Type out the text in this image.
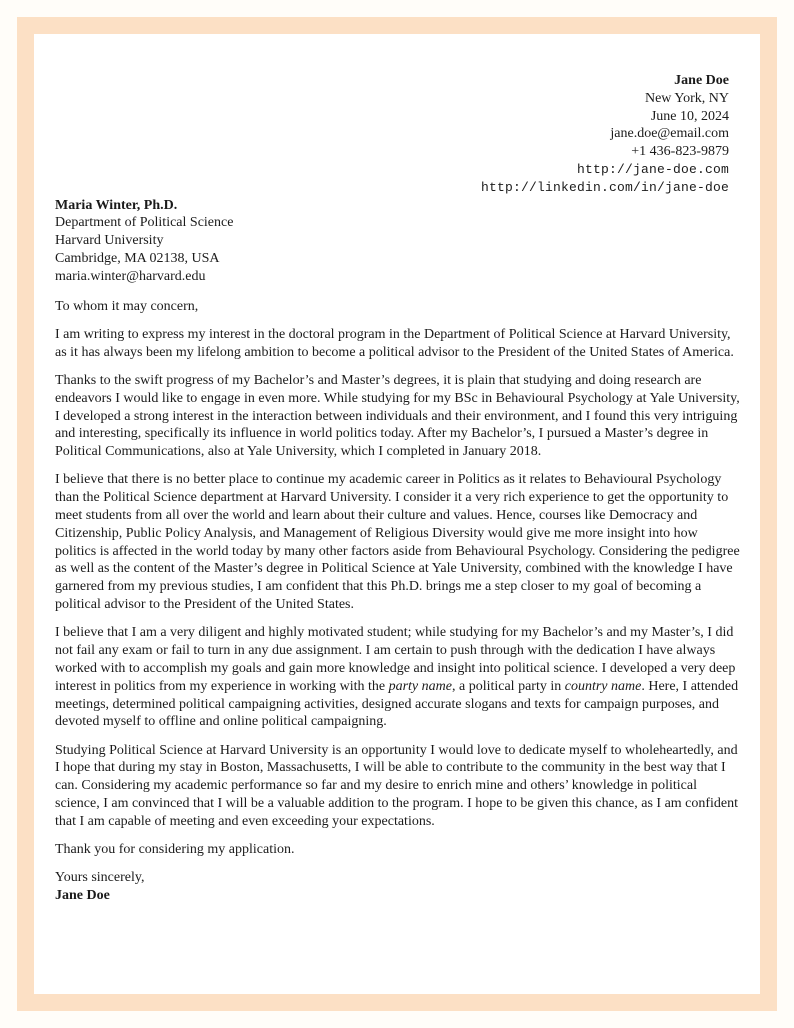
Jane Doe
New York, NY
June 10, 2024
jane.doe@email.com
+1 436-823-9879
http://jane-doe.com
http://linkedin.com/in/jane-doe
Maria Winter, Ph.D.
Department of Political Science
Harvard University
Cambridge, MA 02138, USA
maria.winter@harvard.edu

To whom it may concern,

I am writing to express my interest in the doctoral program in the Department of Political Science at Harvard University, as it has always been my lifelong ambition to become a political advisor to the President of the United States of America.

Thanks to the swift progress of my Bachelor’s and Master’s degrees, it is plain that studying and doing research are endeavors I would like to engage in even more. While studying for my BSc in Behavioural Psychology at Yale University, I developed a strong interest in the interaction between individuals and their environment, and I found this very intriguing and interesting, specifically its influence in world politics today. After my Bachelor’s, I pursued a Master’s degree in Political Communications, also at Yale University, which I completed in January 2018.

I believe that there is no better place to continue my academic career in Politics as it relates to Behavioural Psychology than the Political Science department at Harvard University. I consider it a very rich experience to get the opportunity to meet students from all over the world and learn about their culture and values. Hence, courses like Democracy and Citizenship, Public Policy Analysis, and Management of Religious Diversity would give me more insight into how politics is affected in the world today by many other factors aside from Behavioural Psychology. Considering the pedigree as well as the content of the Master’s degree in Political Science at Yale University, combined with the knowledge I have garnered from my previous studies, I am confident that this Ph.D. brings me a step closer to my goal of becoming a political advisor to the President of the United States.

I believe that I am a very diligent and highly motivated student; while studying for my Bachelor’s and my Master’s, I did not fail any exam or fail to turn in any due assignment. I am certain to push through with the dedication I have always worked with to accomplish my goals and gain more knowledge and insight into political science. I developed a very deep interest in politics from my experience in working with the party name, a political party in country name. Here, I attended meetings, determined political campaigning activities, designed accurate slogans and texts for campaign purposes, and devoted myself to offline and online political campaigning.

Studying Political Science at Harvard University is an opportunity I would love to dedicate myself to wholeheartedly, and I hope that during my stay in Boston, Massachusetts, I will be able to contribute to the community in the best way that I can. Considering my academic performance so far and my desire to enrich mine and others’ knowledge in political science, I am convinced that I will be a valuable addition to the program. I hope to be given this chance, as I am confident that I am capable of meeting and even exceeding your expectations.

Thank you for considering my application.

Yours sincerely,

Jane Doe
